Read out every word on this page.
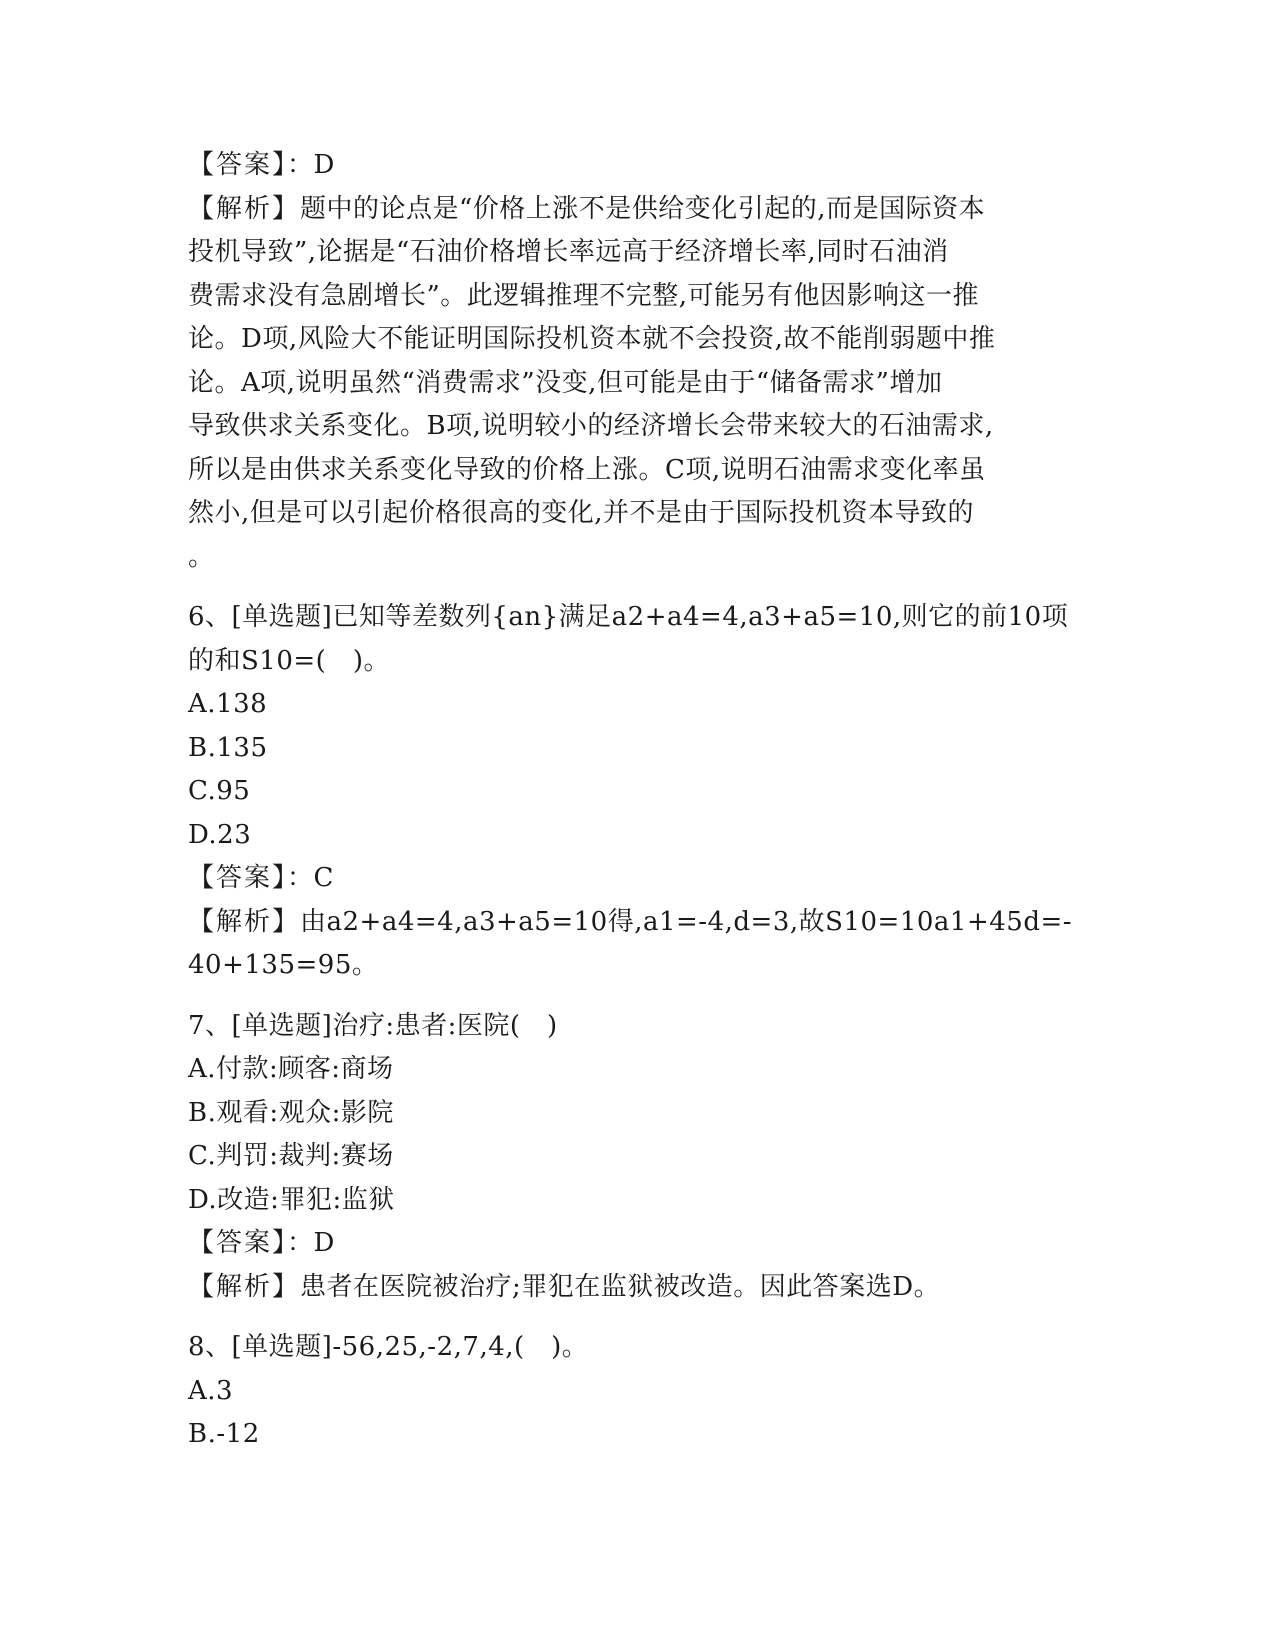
【答案】：D
【解析】题中的论点是“价格上涨不是供给变化引起的,而是国际资本
投机导致”,论据是“石油价格增长率远高于经济增长率,同时石油消
费需求没有急剧增长”。此逻辑推理不完整,可能另有他因影响这一推
论。D项,风险大不能证明国际投机资本就不会投资,故不能削弱题中推
论。A项,说明虽然“消费需求”没变,但可能是由于“储备需求”增加
导致供求关系变化。B项,说明较小的经济增长会带来较大的石油需求,
所以是由供求关系变化导致的价格上涨。C项,说明石油需求变化率虽
然小,但是可以引起价格很高的变化,并不是由于国际投机资本导致的
。
6、[单选题]已知等差数列{an}满足a2+a4=4,a3+a5=10,则它的前10项
的和S10=(　)。
A.138
B.135
C.95
D.23
【答案】：C
【解析】由a2+a4=4,a3+a5=10得,a1=-4,d=3,故S10=10a1+45d=-
40+135=95。
7、[单选题]治疗:患者:医院(　)
A.付款:顾客:商场
B.观看:观众:影院
C.判罚:裁判:赛场
D.改造:罪犯:监狱
【答案】：D
【解析】患者在医院被治疗;罪犯在监狱被改造。因此答案选D。
8、[单选题]-56,25,-2,7,4,(　)。
A.3
B.-12
